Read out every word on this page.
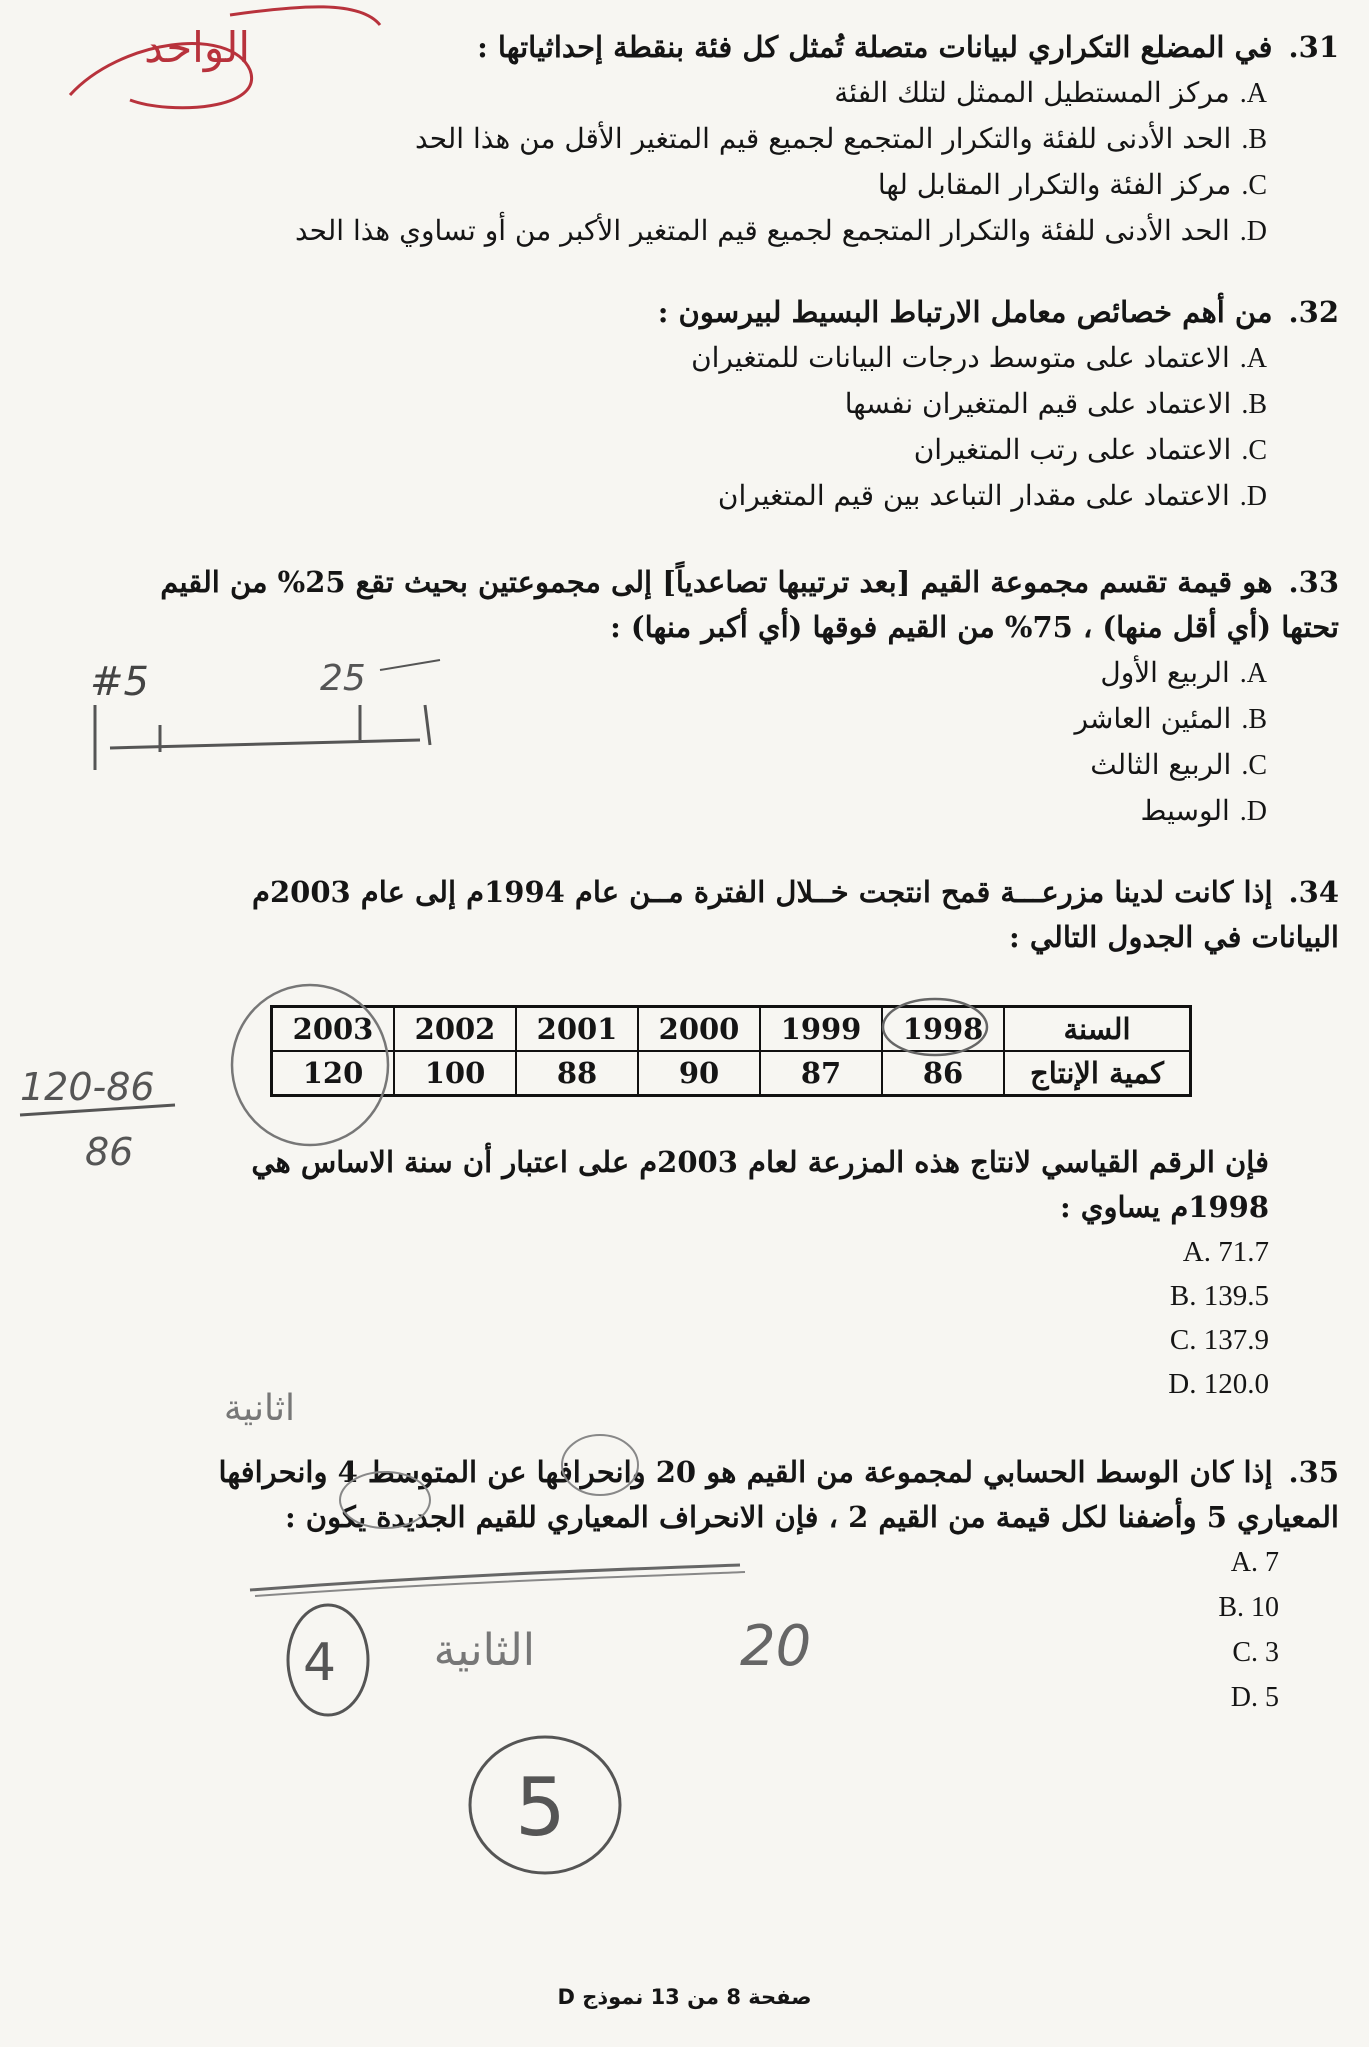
31.في المضلع التكراري لبيانات متصلة تُمثل كل فئة بنقطة إحداثياتها :
A.مركز المستطيل الممثل لتلك الفئة
B.الحد الأدنى للفئة والتكرار المتجمع لجميع قيم المتغير الأقل من هذا الحد
C.مركز الفئة والتكرار المقابل لها
D.الحد الأدنى للفئة والتكرار المتجمع لجميع قيم المتغير الأكبر من أو تساوي هذا الحد
32.من أهم خصائص معامل الارتباط البسيط لبيرسون :
A.الاعتماد على متوسط درجات البيانات للمتغيران
B.الاعتماد على قيم المتغيران نفسها
C.الاعتماد على رتب المتغيران
D.الاعتماد على مقدار التباعد بين قيم المتغيران
33.هو قيمة تقسم مجموعة القيم [بعد ترتيبها تصاعدياً] إلى مجموعتين بحيث تقع 25% من القيم تحتها (أي أقل منها) ، 75% من القيم فوقها (أي أكبر منها) :
A.الربيع الأول
B.المئين العاشر
C.الربيع الثالث
D.الوسيط
34.إذا كانت لدينا مزرعـــة قمح انتجت خــلال الفترة مــن عام 1994م إلى عام 2003م البيانات في الجدول التالي :
السنة	1998	1999	2000	2001	2002	2003
كمية الإنتاج	86	87	90	88	100	120
فإن الرقم القياسي لانتاج هذه المزرعة لعام 2003م على اعتبار أن سنة الاساس هي 1998م يساوي :
A. 71.7
B. 139.5
C. 137.9
D. 120.0
35.إذا كان الوسط الحسابي لمجموعة من القيم هو 20 وانحرافها عن المتوسط 4 وانحرافها المعياري 5 وأضفنا لكل قيمة من القيم 2 ، فإن الانحراف المعياري للقيم الجديدة يكون :
A. 7
B. 10
C. 3
D. 5
صفحة 8 من 13 نموذج D
الواحد
#5	25
120-86
86
اثانية
4 الثانية	20
5
